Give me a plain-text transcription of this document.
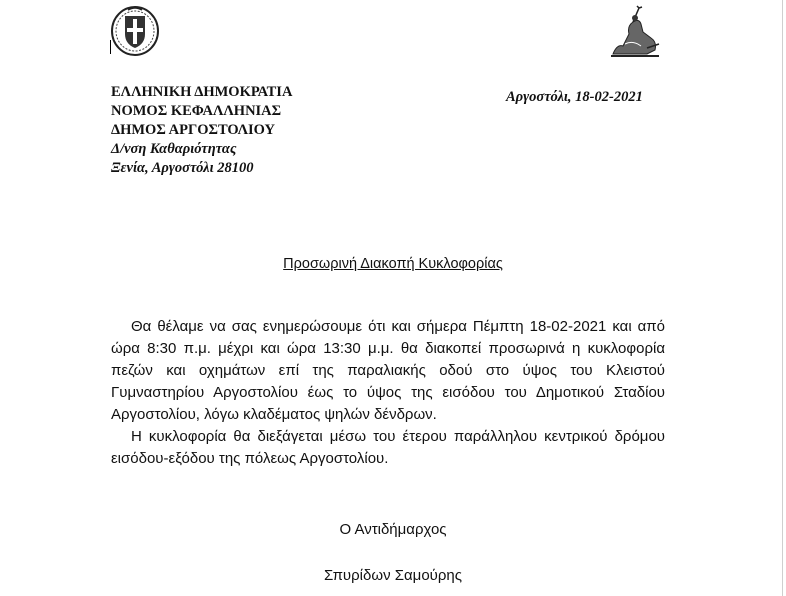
ΕΛΛΗΝΙΚΗ ΔΗΜΟΚΡΑΤΙΑ
ΝΟΜΟΣ ΚΕΦΑΛΛΗΝΙΑΣ
ΔΗΜΟΣ ΑΡΓΟΣΤΟΛΙΟΥ
Δ/νση Καθαριότητας
Ξενία, Αργοστόλι 28100
Αργοστόλι, 18-02-2021
Προσωρινή Διακοπή Κυκλοφορίας

Θα θέλαμε να σας ενημερώσουμε ότι και σήμερα Πέμπτη 18-02-2021 και από ώρα 8:30 π.μ. μέχρι και ώρα 13:30 μ.μ. θα διακοπεί προσωρινά η κυκλοφορία πεζών και οχημάτων επί της παραλιακής οδού στο ύψος του Κλειστού Γυμναστηρίου Αργοστολίου έως το ύψος της εισόδου του Δημοτικού Σταδίου Αργοστολίου, λόγω κλαδέματος ψηλών δένδρων.

Η κυκλοφορία θα διεξάγεται μέσω του έτερου παράλληλου κεντρικού δρόμου εισόδου-εξόδου της πόλεως Αργοστολίου.

Ο Αντιδήμαρχος
Σπυρίδων Σαμούρης
